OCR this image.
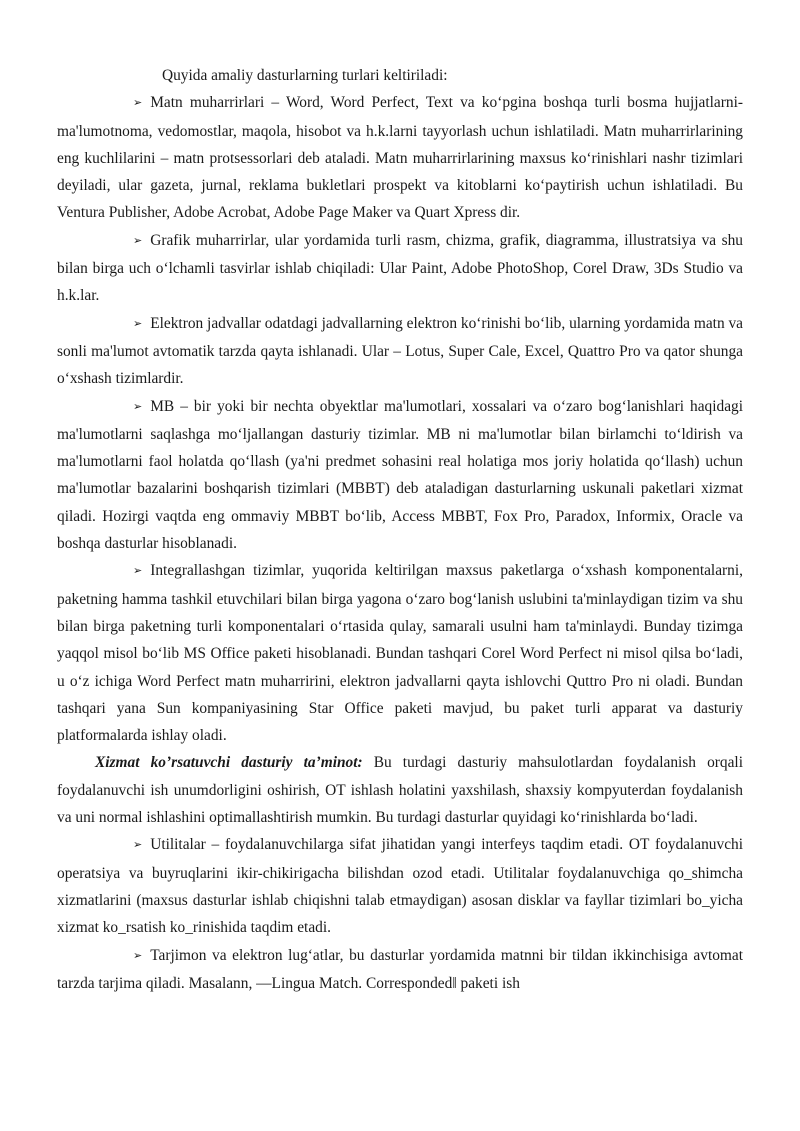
Quyida amaliy dasturlarning turlari keltiriladi:

➢ Matn muharrirlari – Word, Word Perfect, Text va ko‘pgina boshqa turli bosma hujjatlarni-ma'lumotnoma, vedomostlar, maqola, hisobot va h.k.larni tayyorlash uchun ishlatiladi. Matn muharrirlarining eng kuchlilarini – matn protsessorlari deb ataladi. Matn muharrirlarining maxsus ko‘rinishlari nashr tizimlari deyiladi, ular gazeta, jurnal, reklama bukletlari prospekt va kitoblarni ko‘paytirish uchun ishlatiladi. Bu Ventura Publisher, Adobe Acrobat, Adobe Page Maker va Quart Xpress dir.

➢ Grafik muharrirlar, ular yordamida turli rasm, chizma, grafik, diagramma, illustratsiya va shu bilan birga uch o‘lchamli tasvirlar ishlab chiqiladi: Ular Paint, Adobe PhotoShop, Corel Draw, 3Ds Studio va h.k.lar.

➢ Elektron jadvallar odatdagi jadvallarning elektron ko‘rinishi bo‘lib, ularning yordamida matn va sonli ma'lumot avtomatik tarzda qayta ishlanadi. Ular – Lotus, Super Cale, Excel, Quattro Pro va qator shunga o‘xshash tizimlardir.

➢ MB – bir yoki bir nechta obyektlar ma'lumotlari, xossalari va o‘zaro bog‘lanishlari haqidagi ma'lumotlarni saqlashga mo‘ljallangan dasturiy tizimlar. MB ni ma'lumotlar bilan birlamchi to‘ldirish va ma'lumotlarni faol holatda qo‘llash (ya'ni predmet sohasini real holatiga mos joriy holatida qo‘llash) uchun ma'lumotlar bazalarini boshqarish tizimlari (MBBT) deb ataladigan dasturlarning uskunali paketlari xizmat qiladi. Hozirgi vaqtda eng ommaviy MBBT bo‘lib, Access MBBT, Fox Pro, Paradox, Informix, Oracle va boshqa dasturlar hisoblanadi.

➢ Integrallashgan tizimlar, yuqorida keltirilgan maxsus paketlarga o‘xshash komponentalarni, paketning hamma tashkil etuvchilari bilan birga yagona o‘zaro bog‘lanish uslubini ta'minlaydigan tizim va shu bilan birga paketning turli komponentalari o‘rtasida qulay, samarali usulni ham ta'minlaydi. Bunday tizimga yaqqol misol bo‘lib MS Office paketi hisoblanadi. Bundan tashqari Corel Word Perfect ni misol qilsa bo‘ladi, u o‘z ichiga Word Perfect matn muharririni, elektron jadvallarni qayta ishlovchi Quttro Pro ni oladi. Bundan tashqari yana Sun kompaniyasining Star Office paketi mavjud, bu paket turli apparat va dasturiy platformalarda ishlay oladi.

Xizmat ko’rsatuvchi dasturiy ta’minot: Bu turdagi dasturiy mahsulotlardan foydalanish orqali foydalanuvchi ish unumdorligini oshirish, OT ishlash holatini yaxshilash, shaxsiy kompyuterdan foydalanish va uni normal ishlashini optimallashtirish mumkin. Bu turdagi dasturlar quyidagi ko‘rinishlarda bo‘ladi.

➢ Utilitalar – foydalanuvchilarga sifat jihatidan yangi interfeys taqdim etadi. OT foydalanuvchi operatsiya va buyruqlarini ikir-chikirigacha bilishdan ozod etadi. Utilitalar foydalanuvchiga qo_shimcha xizmatlarini (maxsus dasturlar ishlab chiqishni talab etmaydigan) asosan disklar va fayllar tizimlari bo_yicha xizmat ko_rsatish ko_rinishida taqdim etadi.

➢ Tarjimon va elektron lug‘atlar, bu dasturlar yordamida matnni bir tildan ikkinchisiga avtomat tarzda tarjima qiladi. Masalann, ―Lingua Match. Correspondedǁ paketi ish
